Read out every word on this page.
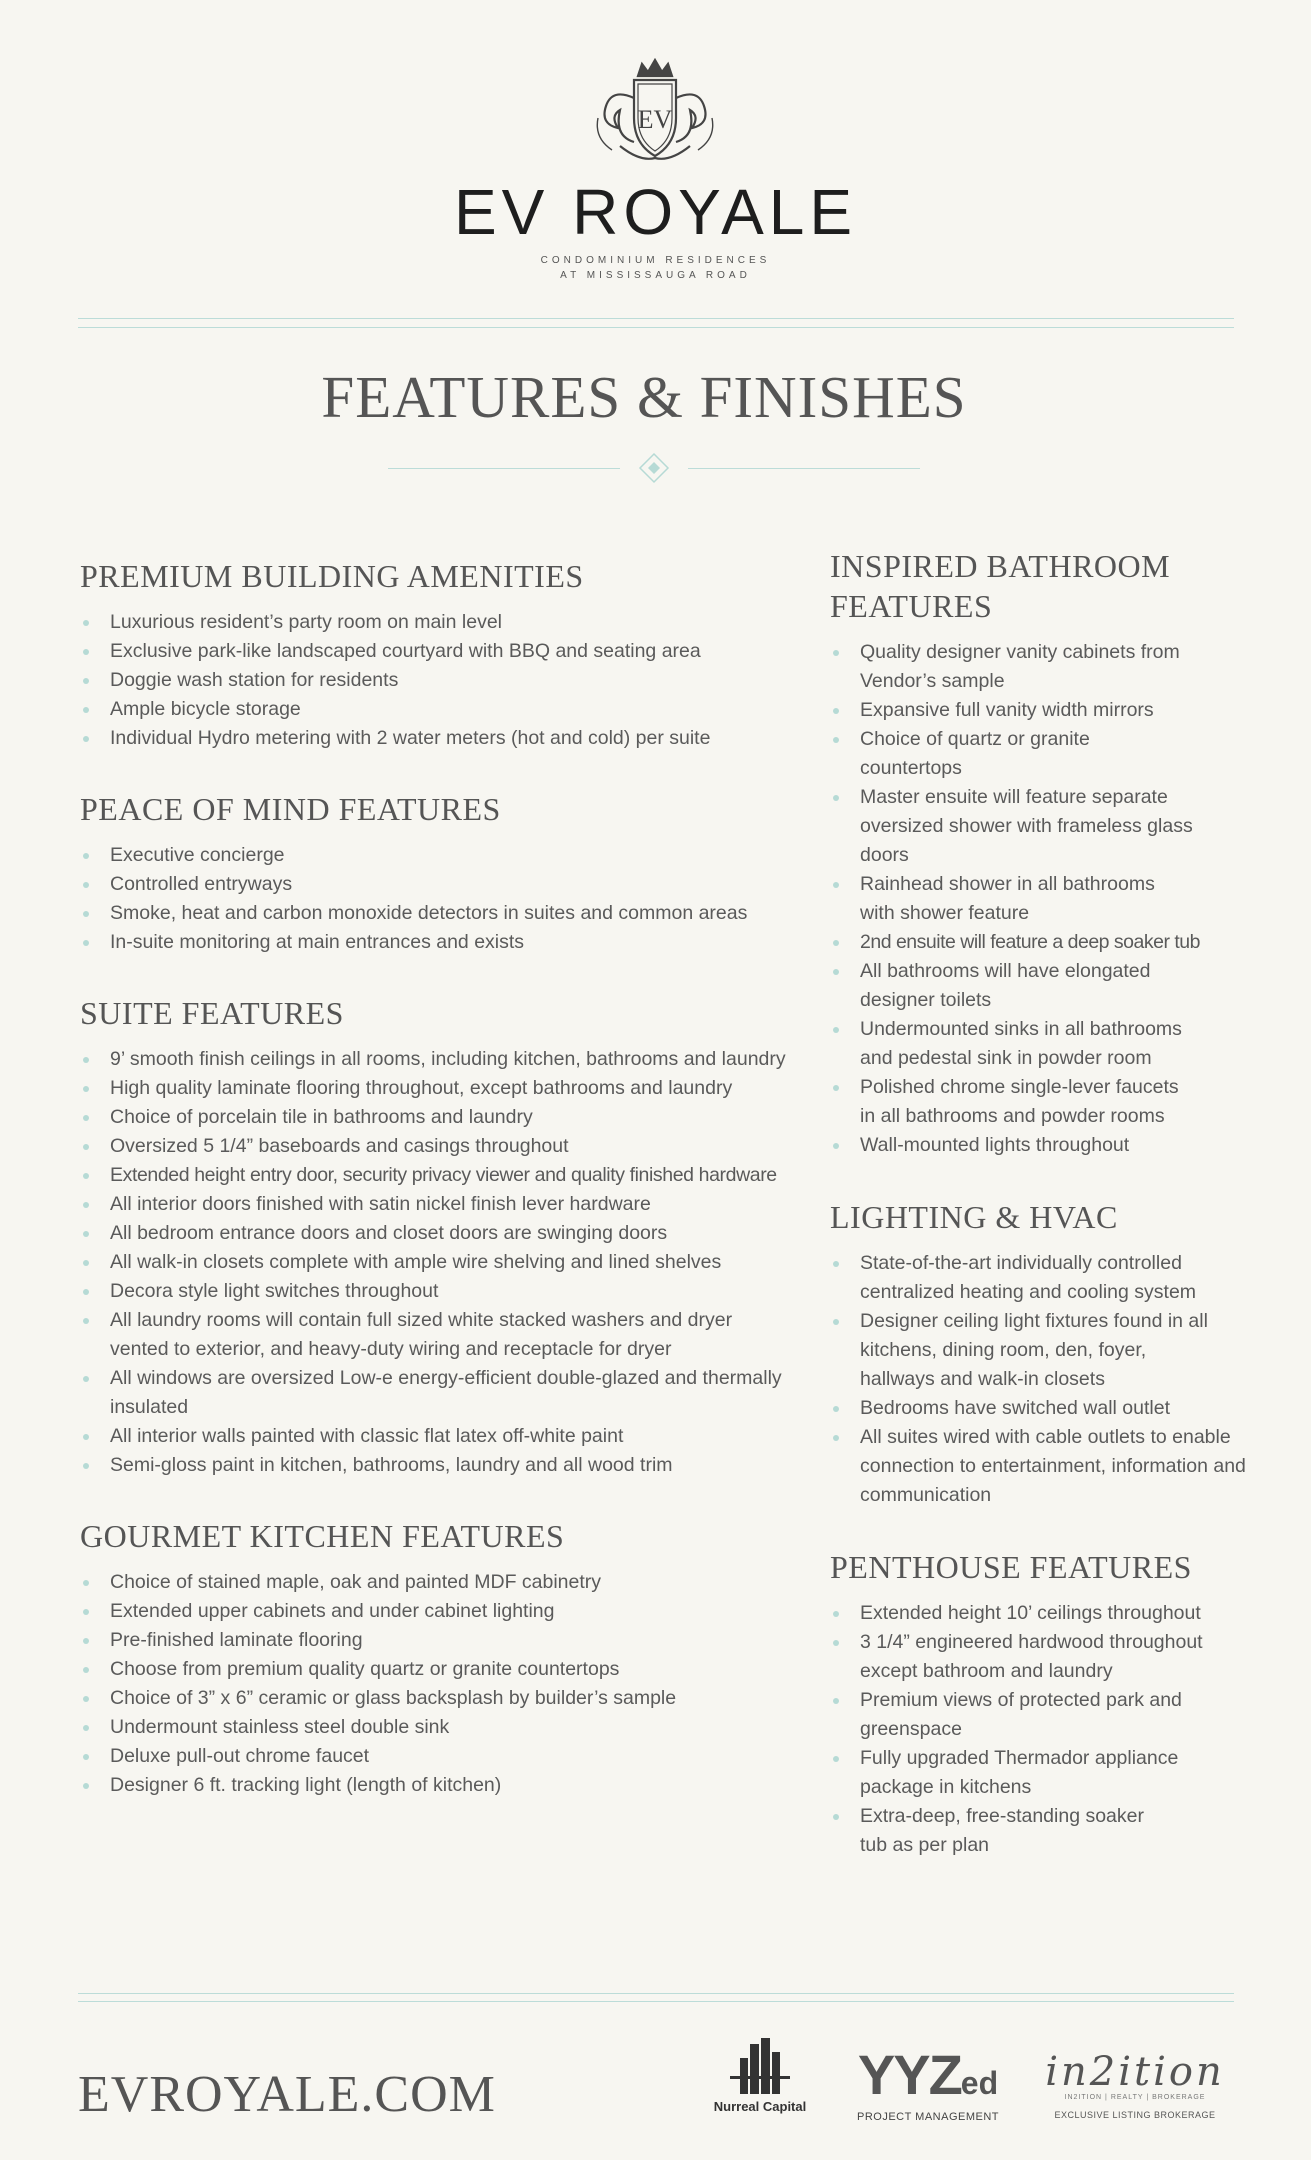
EV
EV ROYALE
CONDOMINIUM RESIDENCES
AT MISSISSAUGA ROAD
FEATURES & FINISHES
PREMIUM BUILDING AMENITIES
Luxurious resident’s party room on main level
Exclusive park-like landscaped courtyard with BBQ and seating area
Doggie wash station for residents
Ample bicycle storage
Individual Hydro metering with 2 water meters (hot and cold) per suite
PEACE OF MIND FEATURES
Executive concierge
Controlled entryways
Smoke, heat and carbon monoxide detectors in suites and common areas
In-suite monitoring at main entrances and exists
SUITE FEATURES
9’ smooth finish ceilings in all rooms, including kitchen, bathrooms and laundry
High quality laminate flooring throughout, except bathrooms and laundry
Choice of porcelain tile in bathrooms and laundry
Oversized 5 1/4” baseboards and casings throughout
Extended height entry door, security privacy viewer and quality finished hardware
All interior doors finished with satin nickel finish lever hardware
All bedroom entrance doors and closet doors are swinging doors
All walk-in closets complete with ample wire shelving and lined shelves
Decora style light switches throughout
All laundry rooms will contain full sized white stacked washers and dryer vented to exterior, and heavy-duty wiring and receptacle for dryer
All windows are oversized Low-e energy-efficient double-glazed and thermally insulated
All interior walls painted with classic flat latex off-white paint
Semi-gloss paint in kitchen, bathrooms, laundry and all wood trim
GOURMET KITCHEN FEATURES
Choice of stained maple, oak and painted MDF cabinetry
Extended upper cabinets and under cabinet lighting
Pre-finished laminate flooring
Choose from premium quality quartz or granite countertops
Choice of 3” x 6” ceramic or glass backsplash by builder’s sample
Undermount stainless steel double sink
Deluxe pull-out chrome faucet
Designer 6 ft. tracking light (length of kitchen)
INSPIRED BATHROOM FEATURES
Quality designer vanity cabinets from Vendor’s sample
Expansive full vanity width mirrors
Choice of quartz or granite countertops
Master ensuite will feature separate oversized shower with frameless glass doors
Rainhead shower in all bathrooms with shower feature
2nd ensuite will feature a deep soaker tub
All bathrooms will have elongated designer toilets
Undermounted sinks in all bathrooms and pedestal sink in powder room
Polished chrome single-lever faucets in all bathrooms and powder rooms
Wall-mounted lights throughout
LIGHTING & HVAC
State-of-the-art individually controlled centralized heating and cooling system
Designer ceiling light fixtures found in all kitchens, dining room, den, foyer, hallways and walk-in closets
Bedrooms have switched wall outlet
All suites wired with cable outlets to enable connection to entertainment, information and communication
PENTHOUSE FEATURES
Extended height 10’ ceilings throughout
3 1/4” engineered hardwood throughout except bathroom and laundry
Premium views of protected park and greenspace
Fully upgraded Thermador appliance package in kitchens
Extra-deep, free-standing soaker tub as per plan
EVROYALE.COM	Nurreal Capital
YYZed
PROJECT MANAGEMENT
in2ition
IN2ITION | REALTY | BROKERAGE
EXCLUSIVE LISTING BROKERAGE
